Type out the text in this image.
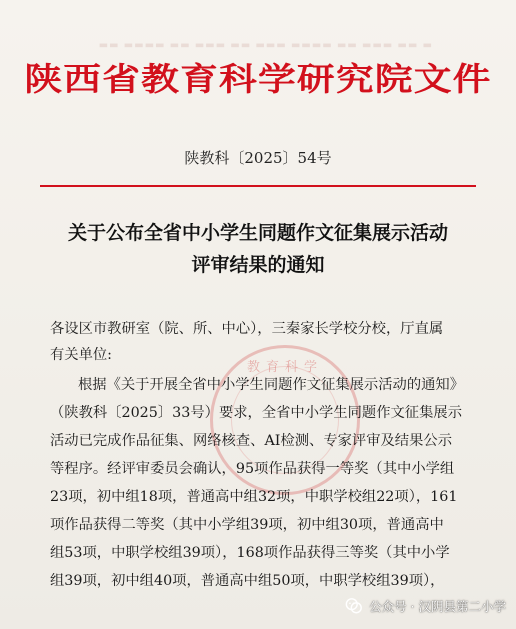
▬ ▬▬ ▬▬▬ ▬▬ ▬▬▬▬ ▬▬▬ ▬▬ ▬▬▬ ▬▬ ▬▬▬▬ ▬▬
陕西省教育科学研究院文件
陕教科〔2025〕54号
关于公布全省中小学生同题作文征集展示活动
评审结果的通知
教育科学
各设区市教研室（院、所、中心），三秦家长学校分校，厅直属
有关单位:
根据《关于开展全省中小学生同题作文征集展示活动的通知》
（陕教科〔2025〕33号）要求，全省中小学生同题作文征集展示
活动已完成作品征集、网络核查、AI检测、专家评审及结果公示
等程序。经评审委员会确认，95项作品获得一等奖（其中小学组
23项，初中组18项，普通高中组32项，中职学校组22项），161
项作品获得二等奖（其中小学组39项，初中组30项，普通高中
组53项，中职学校组39项），168项作品获得三等奖（其中小学
组39项，初中组40项，普通高中组50项，中职学校组39项），
公众号 · 汉阴县第二小学
